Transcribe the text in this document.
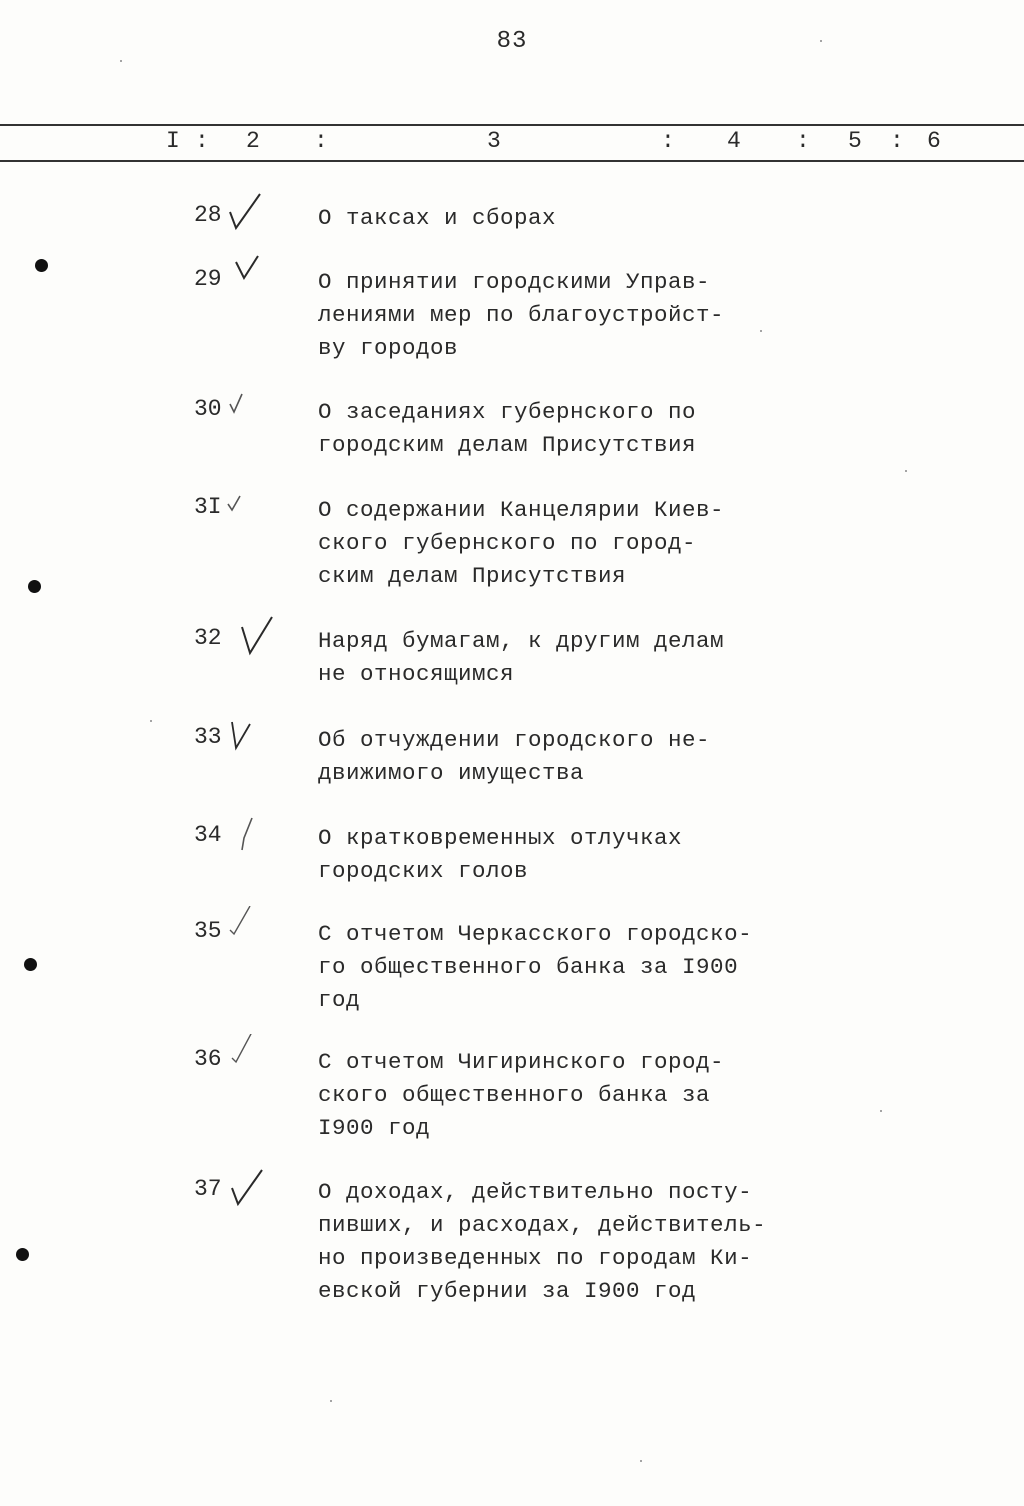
83
I : 2 :	3	: 4 : 5 : 6
28	О таксах и сборах
29	О принятии городскими Управ-
лениями мер по благоустройст-
ву городов
30	О заседаниях губернского по
городским делам Присутствия
3I	О содержании Канцелярии Киев-
ского губернского по город-
ским делам Присутствия
32	Наряд бумагам, к другим делам
не относящимся
33	Об отчуждении городского не-
движимого имущества
34	О кратковременных отлучках
городских голов
35	С отчетом Черкасского городско-
го общественного банка за I900
год
36	С отчетом Чигиринского город-
ского общественного банка за
I900 год
37	О доходах, действительно посту-
пивших, и расходах, действитель-
но произведенных по городам Ки-
евской губернии за I900 год
